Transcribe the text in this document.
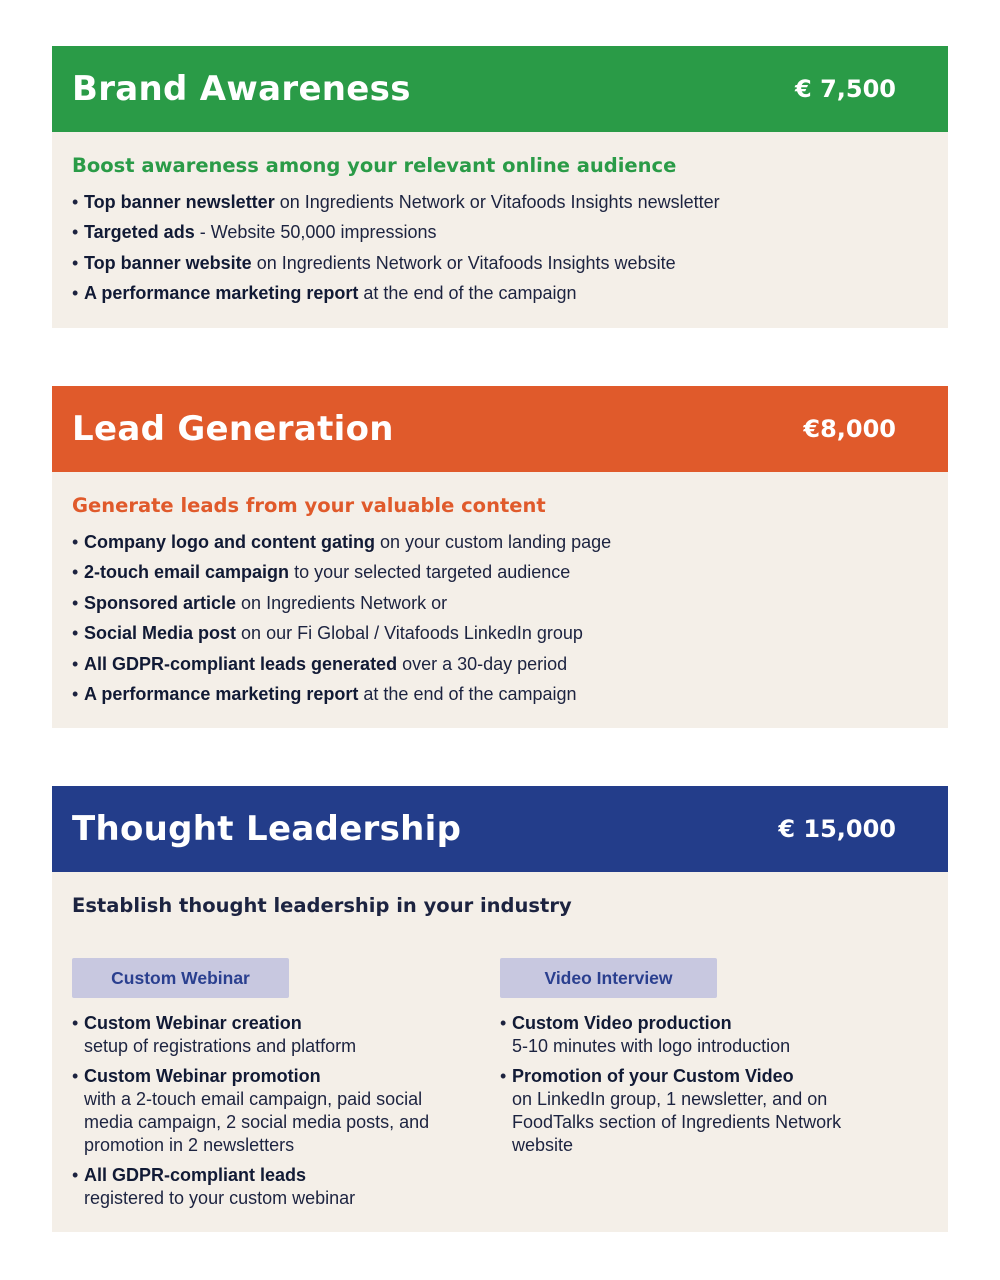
Brand Awareness	€ 7,500
Boost awareness among your relevant online audience
• Top banner newsletter on Ingredients Network or Vitafoods Insights newsletter
• Targeted ads - Website 50,000 impressions
• Top banner website on Ingredients Network or Vitafoods Insights website
• A performance marketing report at the end of the campaign
Lead Generation	€8,000
Generate leads from your valuable content
• Company logo and content gating on your custom landing page
• 2-touch email campaign to your selected targeted audience
• Sponsored article on Ingredients Network or
• Social Media post on our Fi Global / Vitafoods LinkedIn group
• All GDPR-compliant leads generated over a 30-day period
• A performance marketing report at the end of the campaign
Thought Leadership	€ 15,000
Establish thought leadership in your industry
Custom Webinar
• Custom Webinar creation
setup of registrations and platform
• Custom Webinar promotion
with a 2-touch email campaign, paid social
media campaign, 2 social media posts, and
promotion in 2 newsletters
• All GDPR-compliant leads
registered to your custom webinar
Video Interview
• Custom Video production
5-10 minutes with logo introduction
• Promotion of your Custom Video
on LinkedIn group, 1 newsletter, and on
FoodTalks section of Ingredients Network
website
